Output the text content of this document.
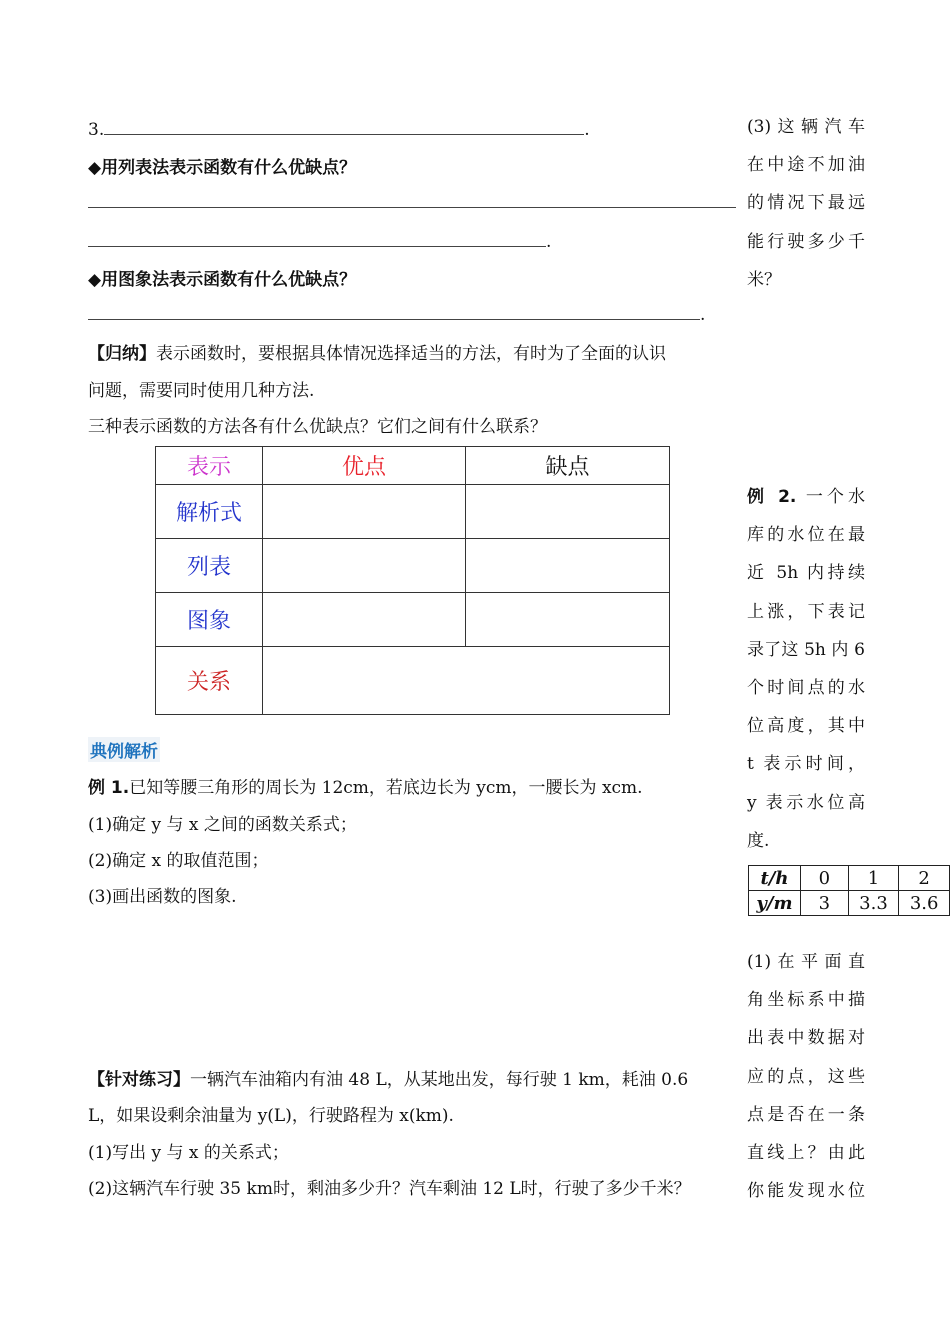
3.	.
◆用列表法表示函数有什么优缺点？
.
◆用图象法表示函数有什么优缺点？
.
【归纳】表示函数时，要根据具体情况选择适当的方法，有时为了全面的认识
问题，需要同时使用几种方法.
三种表示函数的方法各有什么优缺点？它们之间有什么联系？
表示	优点	缺点
解析式		
列表		
图象		
关系		
典例解析
例 1.已知等腰三角形的周长为 12cm，若底边长为 ycm，一腰长为 xcm.
(1)确定 y 与 x 之间的函数关系式；
(2)确定 x 的取值范围；
(3)画出函数的图象.
【针对练习】一辆汽车油箱内有油 48 L，从某地出发，每行驶 1 km，耗油 0.6
L，如果设剩余油量为 y(L)，行驶路程为 x(km).
(1)写出 y 与 x 的关系式；
(2)这辆汽车行驶 35 km时，剩油多少升？汽车剩油 12 L时，行驶了多少千米？
(3)这辆汽车
在中途不加油
的情况下最远
能行驶多少千
米？
例 2. 一个水
库的水位在最
近 5h 内持续
上涨，下表记
录了这 5h 内 6
个时间点的水
位高度，其中
t 表示时间，
y 表示水位高
度.
t/h	0	1	2
y/m	3	3.3	3.6
(1)在平面直
角坐标系中描
出表中数据对
应的点，这些
点是否在一条
直线上？由此
你能发现水位
